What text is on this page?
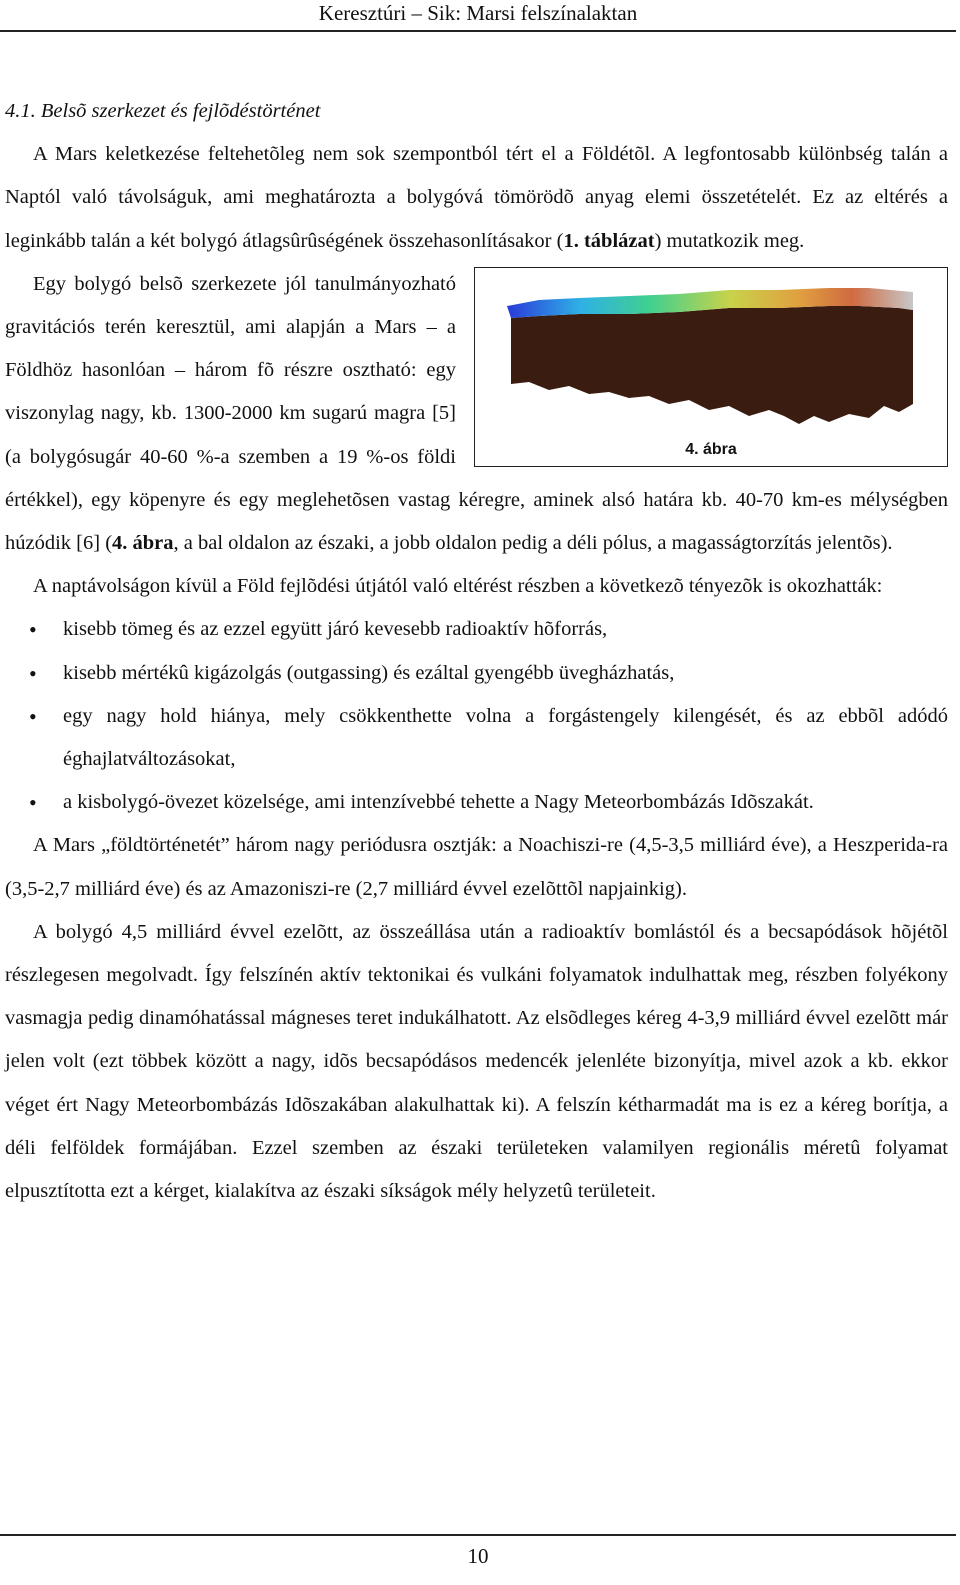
Keresztúri – Sik: Marsi felszínalaktan

4.1. Belsõ szerkezet és fejlõdéstörténet

A Mars keletkezése feltehetõleg nem sok szempontból tért el a Földétõl. A legfontosabb különbség talán a Naptól való távolságuk, ami meghatározta a bolygóvá tömörödõ anyag elemi összetételét. Ez az eltérés a leginkább talán a két bolygó átlagsûrûségének összehasonlításakor (1. táblázat) mutatkozik meg.

4. ábra

Egy bolygó belsõ szerkezete jól tanulmányozható gravitációs terén keresztül, ami alapján a Mars – a Földhöz hasonlóan – három fõ részre osztható: egy viszonylag nagy, kb. 1300-2000 km sugarú magra [5] (a bolygósugár 40-60 %-a szemben a 19 %-os földi értékkel), egy köpenyre és egy meglehetõsen vastag kéregre, aminek alsó határa kb. 40-70 km-es mélységben húzódik [6] (4. ábra, a bal oldalon az északi, a jobb oldalon pedig a déli pólus, a magasságtorzítás jelentõs).

A naptávolságon kívül a Föld fejlõdési útjától való eltérést részben a következõ tényezõk is okozhatták:

• kisebb tömeg és az ezzel együtt járó kevesebb radioaktív hõforrás,
• kisebb mértékû kigázolgás (outgassing) és ezáltal gyengébb üvegházhatás,
• egy nagy hold hiánya, mely csökkenthette volna a forgástengely kilengését, és az ebbõl adódó éghajlatváltozásokat,
• a kisbolygó-övezet közelsége, ami intenzívebbé tehette a Nagy Meteorbombázás Idõszakát.

A Mars „földtörténetét” három nagy periódusra osztják: a Noachiszi-re (4,5-3,5 milliárd éve), a Heszperida-ra (3,5-2,7 milliárd éve) és az Amazoniszi-re (2,7 milliárd évvel ezelõttõl napjainkig).

A bolygó 4,5 milliárd évvel ezelõtt, az összeállása után a radioaktív bomlástól és a becsapódások hõjétõl részlegesen megolvadt. Így felszínén aktív tektonikai és vulkáni folyamatok indulhattak meg, részben folyékony vasmagja pedig dinamóhatással mágneses teret indukálhatott. Az elsõdleges kéreg 4-3,9 milliárd évvel ezelõtt már jelen volt (ezt többek között a nagy, idõs becsapódásos medencék jelenléte bizonyítja, mivel azok a kb. ekkor véget ért Nagy Meteorbombázás Idõszakában alakulhattak ki). A felszín kétharmadát ma is ez a kéreg borítja, a déli felföldek formájában. Ezzel szemben az északi területeken valamilyen regionális méretû folyamat elpusztította ezt a kérget, kialakítva az északi síkságok mély helyzetû területeit.

10
